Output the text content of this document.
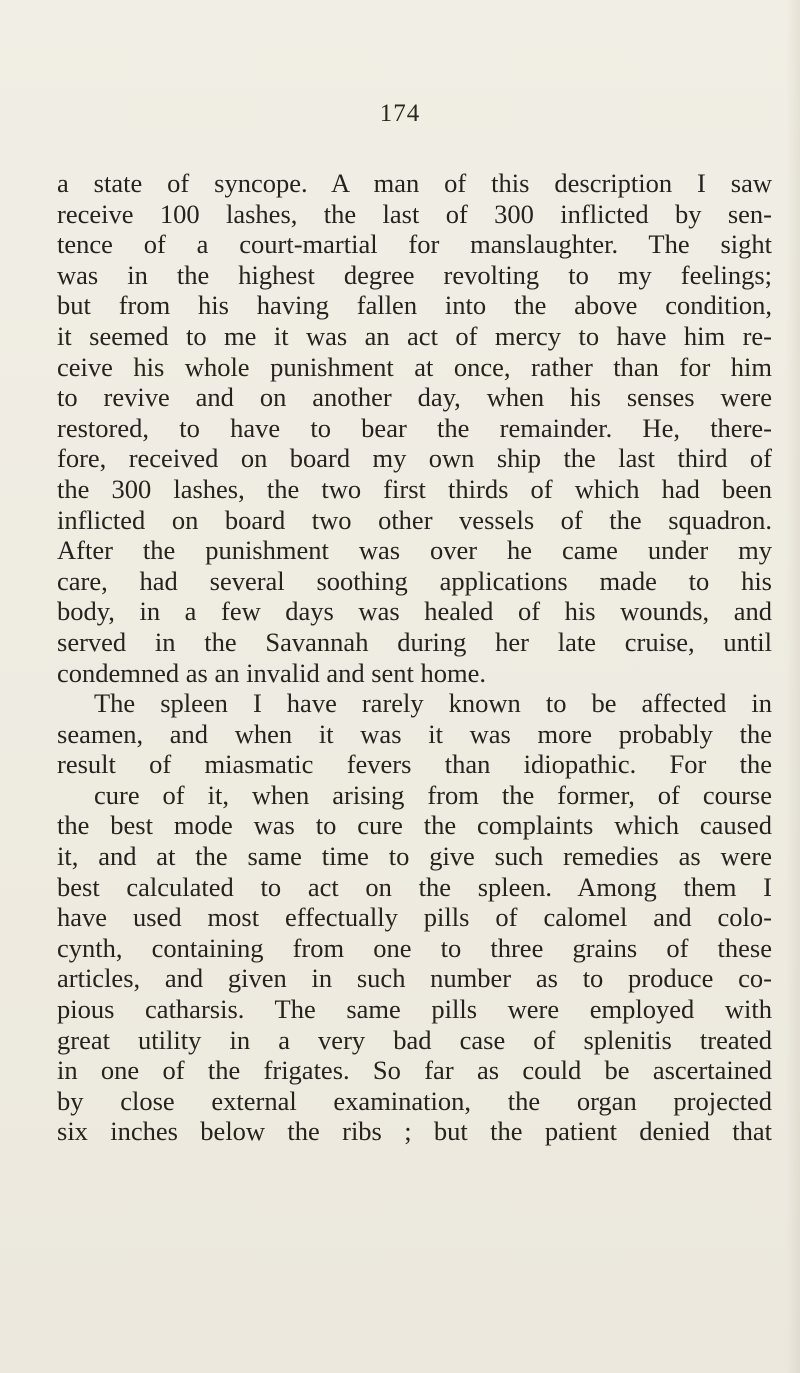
174
a state of syncope. A man of this description I saw
receive 100 lashes, the last of 300 inflicted by sen-
tence of a court-martial for manslaughter. The sight
was in the highest degree revolting to my feelings;
but from his having fallen into the above condition,
it seemed to me it was an act of mercy to have him re-
ceive his whole punishment at once, rather than for him
to revive and on another day, when his senses were
restored, to have to bear the remainder. He, there-
fore, received on board my own ship the last third of
the 300 lashes, the two first thirds of which had been
inflicted on board two other vessels of the squadron.
After the punishment was over he came under my
care, had several soothing applications made to his
body, in a few days was healed of his wounds, and
served in the Savannah during her late cruise, until
condemned as an invalid and sent home.
The spleen I have rarely known to be affected in
seamen, and when it was it was more probably the
result of miasmatic fevers than idiopathic. For the
cure of it, when arising from the former, of course
the best mode was to cure the complaints which caused
it, and at the same time to give such remedies as were
best calculated to act on the spleen. Among them I
have used most effectually pills of calomel and colo-
cynth, containing from one to three grains of these
articles, and given in such number as to produce co-
pious catharsis. The same pills were employed with
great utility in a very bad case of splenitis treated
in one of the frigates. So far as could be ascertained
by close external examination, the organ projected
six inches below the ribs ; but the patient denied that
